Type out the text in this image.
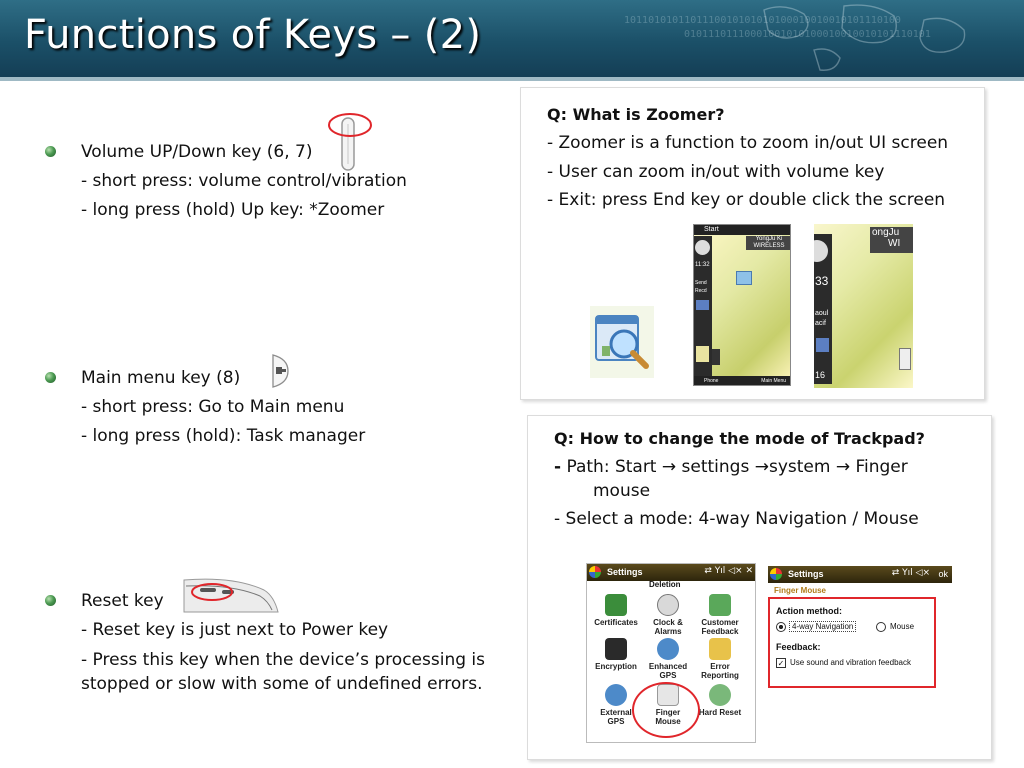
1011010101101110010101010100010010010101110100
01011101110001001010100010010010101110101
Functions of Keys – (2)
Volume UP/Down key (6, 7)
- short press: volume control/vibration
- long press (hold) Up key: *Zoomer
Main menu key (8)
- short press: Go to Main menu
- long press (hold): Task manager
Reset key
- Reset key is just next to Power key
- Press this key when the device’s processing is stopped or slow with some of undefined errors.
Q: What is Zoomer?
- Zoomer is a function to zoom in/out UI screen
- User can zoom in/out with volume key
- Exit: press End key or double click the screen
Start
YongJu Ki
WIRELESS
11:32
Send
Recd
Phone	Main Menu
33
aoul
acif
16
ongJu
WI
Q: How to change the mode of Trackpad?
- Path: Start → settings →system → Finger
mouse
- Select a mode: 4-way Navigation / Mouse
Settings	⇄ Yıl ◁× ✕
Deletion
Certificates	Clock &
Alarms
Customer
Feedback
Encryption	Enhanced
GPS
Error
Reporting
External
GPS
Finger
Mouse
Hard Reset
Settings	⇄ Yıl ◁× ok
Finger Mouse
Action method:
4-way Navigation	Mouse
Feedback:
✓ Use sound and vibration feedback
